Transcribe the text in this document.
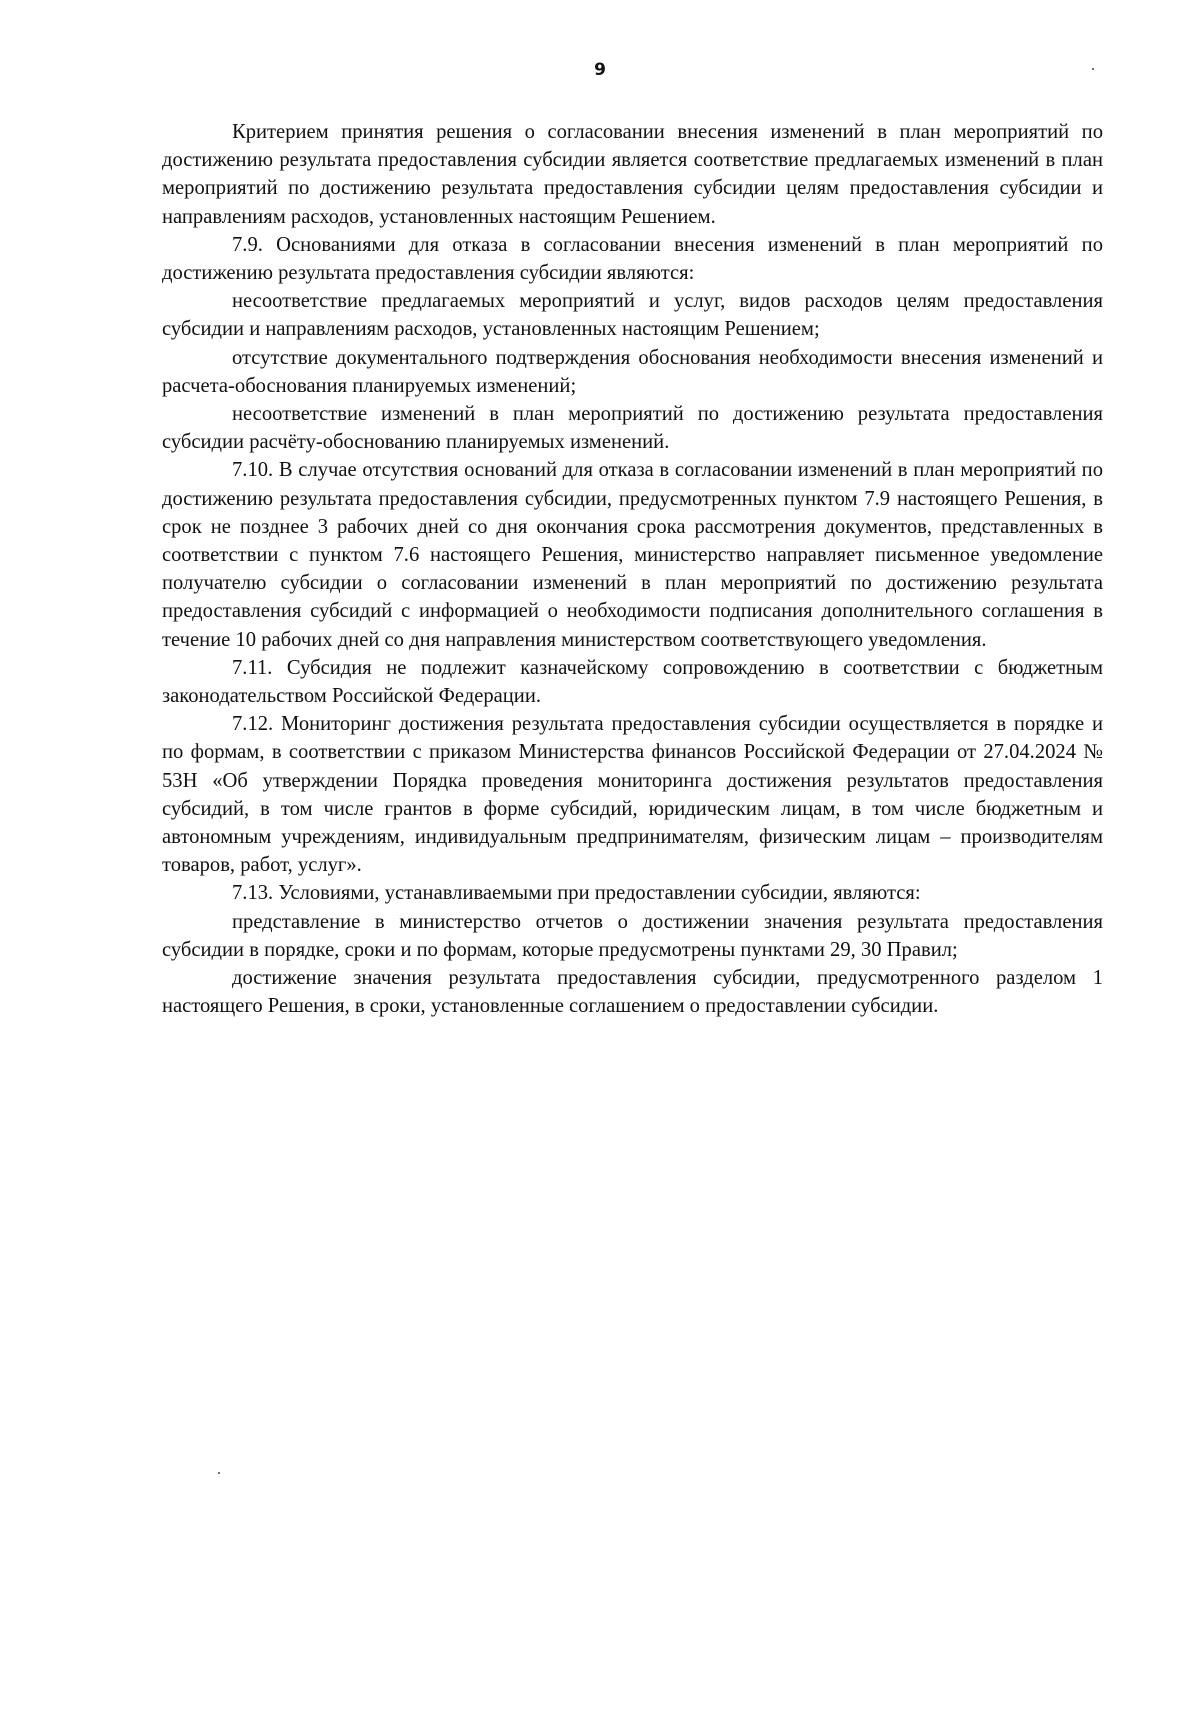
9

Критерием принятия решения о согласовании внесения изменений в план мероприятий по достижению результата предоставления субсидии является соответствие предлагаемых изменений в план мероприятий по достижению результата предоставления субсидии целям предоставления субсидии и направлениям расходов, установленных настоящим Решением.

7.9. Основаниями для отказа в согласовании внесения изменений в план мероприятий по достижению результата предоставления субсидии являются:

несоответствие предлагаемых мероприятий и услуг, видов расходов целям предоставления субсидии и направлениям расходов, установленных настоящим Решением;

отсутствие документального подтверждения обоснования необходимости внесения изменений и расчета-обоснования планируемых изменений;

несоответствие изменений в план мероприятий по достижению результата предоставления субсидии расчёту-обоснованию планируемых изменений.

7.10. В случае отсутствия оснований для отказа в согласовании изменений в план мероприятий по достижению результата предоставления субсидии, предусмотренных пунктом 7.9 настоящего Решения, в срок не позднее 3 рабочих дней со дня окончания срока рассмотрения документов, представленных в соответствии с пунктом 7.6 настоящего Решения, министерство направляет письменное уведомление получателю субсидии о согласовании изменений в план мероприятий по достижению результата предоставления субсидий с информацией о необходимости подписания дополнительного соглашения в течение 10 рабочих дней со дня направления министерством соответствующего уведомления.

7.11. Субсидия не подлежит казначейскому сопровождению в соответствии с бюджетным законодательством Российской Федерации.

7.12. Мониторинг достижения результата предоставления субсидии осуществляется в порядке и по формам, в соответствии с приказом Министерства финансов Российской Федерации от 27.04.2024 № 53Н «Об утверждении Порядка проведения мониторинга достижения результатов предоставления субсидий, в том числе грантов в форме субсидий, юридическим лицам, в том числе бюджетным и автономным учреждениям, индивидуальным предпринимателям, физическим лицам – производителям товаров, работ, услуг».

7.13. Условиями, устанавливаемыми при предоставлении субсидии, являются:

представление в министерство отчетов о достижении значения результата предоставления субсидии в порядке, сроки и по формам, которые предусмотрены пунктами 29, 30 Правил;

достижение значения результата предоставления субсидии, предусмотренного разделом 1 настоящего Решения, в сроки, установленные соглашением о предоставлении субсидии.
